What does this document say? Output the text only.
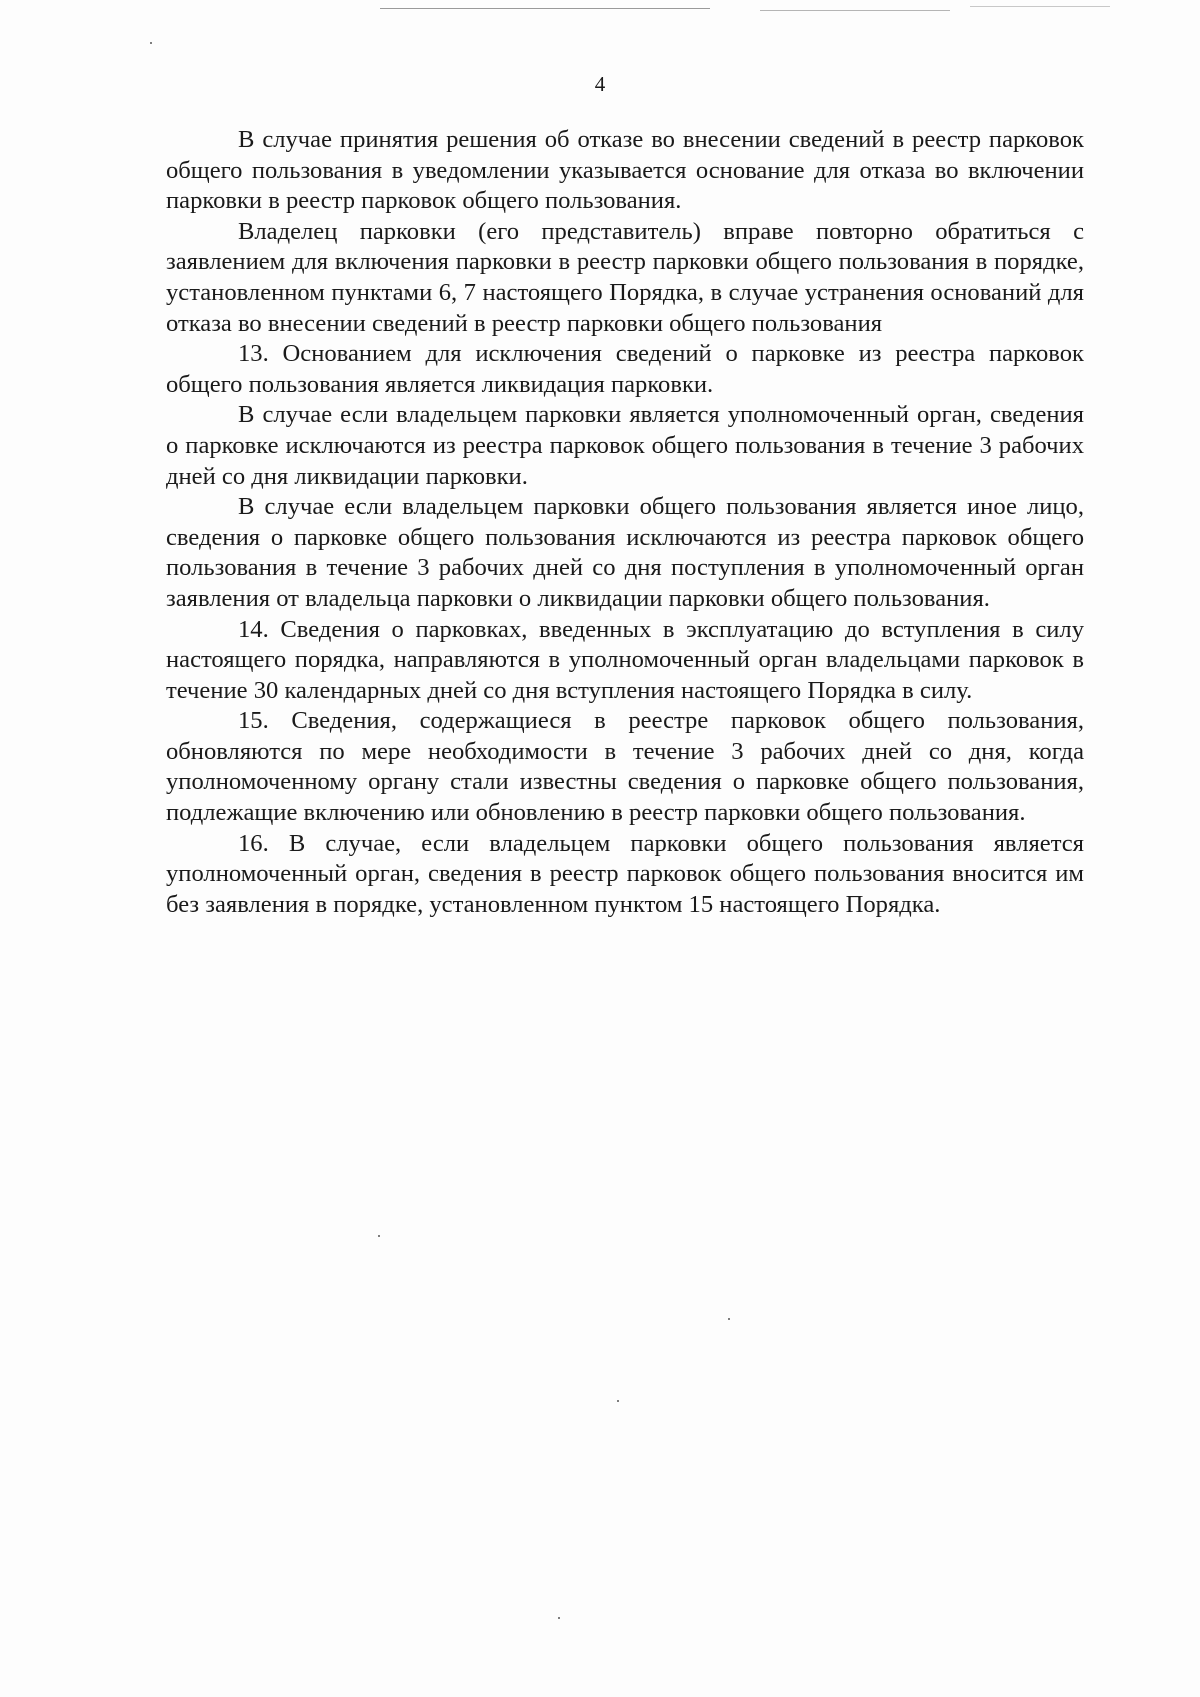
4

В случае принятия решения об отказе во внесении сведений в реестр парковок общего пользования в уведомлении указывается основание для отказа во включении парковки в реестр парковок общего пользования.

Владелец парковки (его представитель) вправе повторно обратиться с заявлением для включения парковки в реестр парковки общего пользования в порядке, установленном пунктами 6, 7 настоящего Порядка, в случае устранения оснований для отказа во внесении сведений в реестр парковки общего пользования

13. Основанием для исключения сведений о парковке из реестра парковок общего пользования является ликвидация парковки.

В случае если владельцем парковки является уполномоченный орган, сведения о парковке исключаются из реестра парковок общего пользования в течение 3 рабочих дней со дня ликвидации парковки.

В случае если владельцем парковки общего пользования является иное лицо, сведения о парковке общего пользования исключаются из реестра парковок общего пользования в течение 3 рабочих дней со дня поступления в уполномоченный орган заявления от владельца парковки о ликвидации парковки общего пользования.

14. Сведения о парковках, введенных в эксплуатацию до вступления в силу настоящего порядка, направляются в уполномоченный орган владельцами парковок в течение 30 календарных дней со дня вступления настоящего Порядка в силу.

15. Сведения, содержащиеся в реестре парковок общего пользования, обновляются по мере необходимости в течение 3 рабочих дней со дня, когда уполномоченному органу стали известны сведения о парковке общего пользования, подлежащие включению или обновлению в реестр парковки общего пользования.

16. В случае, если владельцем парковки общего пользования является уполномоченный орган, сведения в реестр парковок общего пользования вносится им без заявления в порядке, установленном пунктом 15 настоящего Порядка.
